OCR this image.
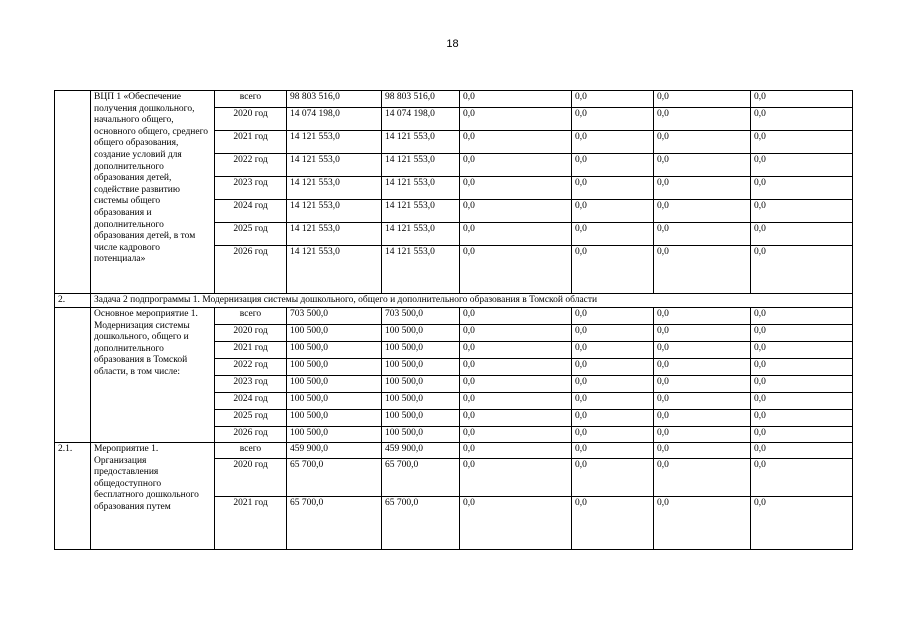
18
	ВЦП 1 «Обеспечение получения дошкольного, начального общего, основного общего, среднего общего образования, создание условий для дополнительного образования детей, содействие развитию системы общего образования и дополнительного образования детей, в том числе кадрового потенциала»	всего	98 803 516,0	98 803 516,0	0,0	0,0	0,0	0,0
		2020 год	14 074 198,0	14 074 198,0	0,0	0,0	0,0	0,0
		2021 год	14 121 553,0	14 121 553,0	0,0	0,0	0,0	0,0
		2022 год	14 121 553,0	14 121 553,0	0,0	0,0	0,0	0,0
		2023 год	14 121 553,0	14 121 553,0	0,0	0,0	0,0	0,0
		2024 год	14 121 553,0	14 121 553,0	0,0	0,0	0,0	0,0
		2025 год	14 121 553,0	14 121 553,0	0,0	0,0	0,0	0,0
		2026 год	14 121 553,0	14 121 553,0	0,0	0,0	0,0	0,0
2.	Задача 2 подпрограммы 1. Модернизация системы дошкольного, общего и дополнительного образования в Томской области							
	Основное мероприятие 1. Модернизация системы дошкольного, общего и дополнительного образования в Томской области, в том числе:	всего	703 500,0	703 500,0	0,0	0,0	0,0	0,0
		2020 год	100 500,0	100 500,0	0,0	0,0	0,0	0,0
		2021 год	100 500,0	100 500,0	0,0	0,0	0,0	0,0
		2022 год	100 500,0	100 500,0	0,0	0,0	0,0	0,0
		2023 год	100 500,0	100 500,0	0,0	0,0	0,0	0,0
		2024 год	100 500,0	100 500,0	0,0	0,0	0,0	0,0
		2025 год	100 500,0	100 500,0	0,0	0,0	0,0	0,0
		2026 год	100 500,0	100 500,0	0,0	0,0	0,0	0,0
2.1.	Мероприятие 1. Организация предоставления общедоступного бесплатного дошкольного образования путем	всего	459 900,0	459 900,0	0,0	0,0	0,0	0,0
		2020 год	65 700,0	65 700,0	0,0	0,0	0,0	0,0
		2021 год	65 700,0	65 700,0	0,0	0,0	0,0	0,0
